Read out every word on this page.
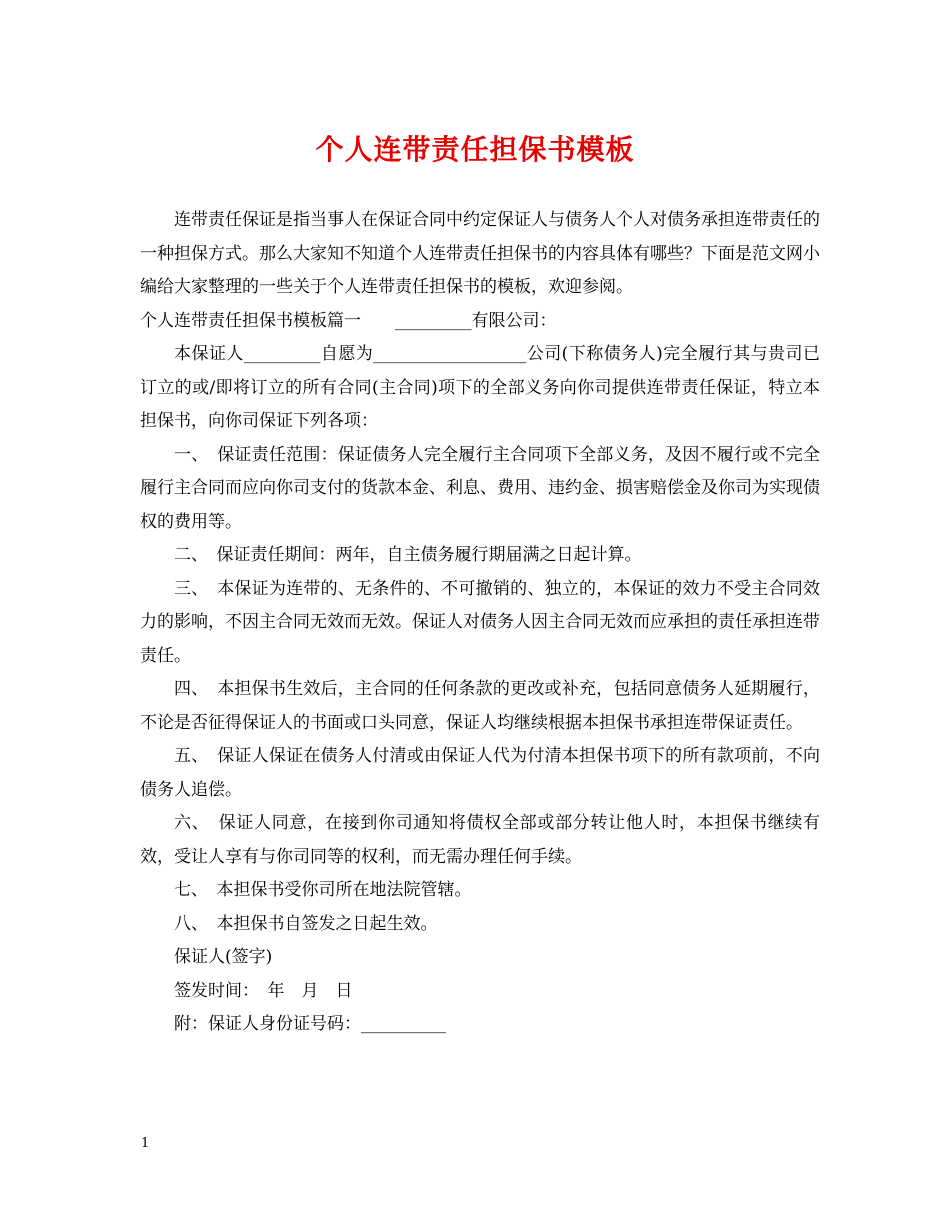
个人连带责任担保书模板

连带责任保证是指当事人在保证合同中约定保证人与债务人个人对债务承担连带责任的一种担保方式。那么大家知不知道个人连带责任担保书的内容具体有哪些？下面是范文网小编给大家整理的一些关于个人连带责任担保书的模板，欢迎参阅。

个人连带责任担保书模板篇一　　_________有限公司：

本保证人_________自愿为__________________公司(下称债务人)完全履行其与贵司已订立的或/即将订立的所有合同(主合同)项下的全部义务向你司提供连带责任保证，特立本担保书，向你司保证下列各项：

一、　保证责任范围：保证债务人完全履行主合同项下全部义务，及因不履行或不完全履行主合同而应向你司支付的货款本金、利息、费用、违约金、损害赔偿金及你司为实现债权的费用等。

二、　保证责任期间：两年，自主债务履行期届满之日起计算。

三、　本保证为连带的、无条件的、不可撤销的、独立的，本保证的效力不受主合同效力的影响，不因主合同无效而无效。保证人对债务人因主合同无效而应承担的责任承担连带责任。

四、　本担保书生效后，主合同的任何条款的更改或补充，包括同意债务人延期履行，不论是否征得保证人的书面或口头同意，保证人均继续根据本担保书承担连带保证责任。

五、　保证人保证在债务人付清或由保证人代为付清本担保书项下的所有款项前，不向债务人追偿。

六、　保证人同意，在接到你司通知将债权全部或部分转让他人时，本担保书继续有效，受让人享有与你司同等的权利，而无需办理任何手续。

七、　本担保书受你司所在地法院管辖。

八、　本担保书自签发之日起生效。

保证人(签字)

签发时间：　年　月　日

附：保证人身份证号码：__________

1
